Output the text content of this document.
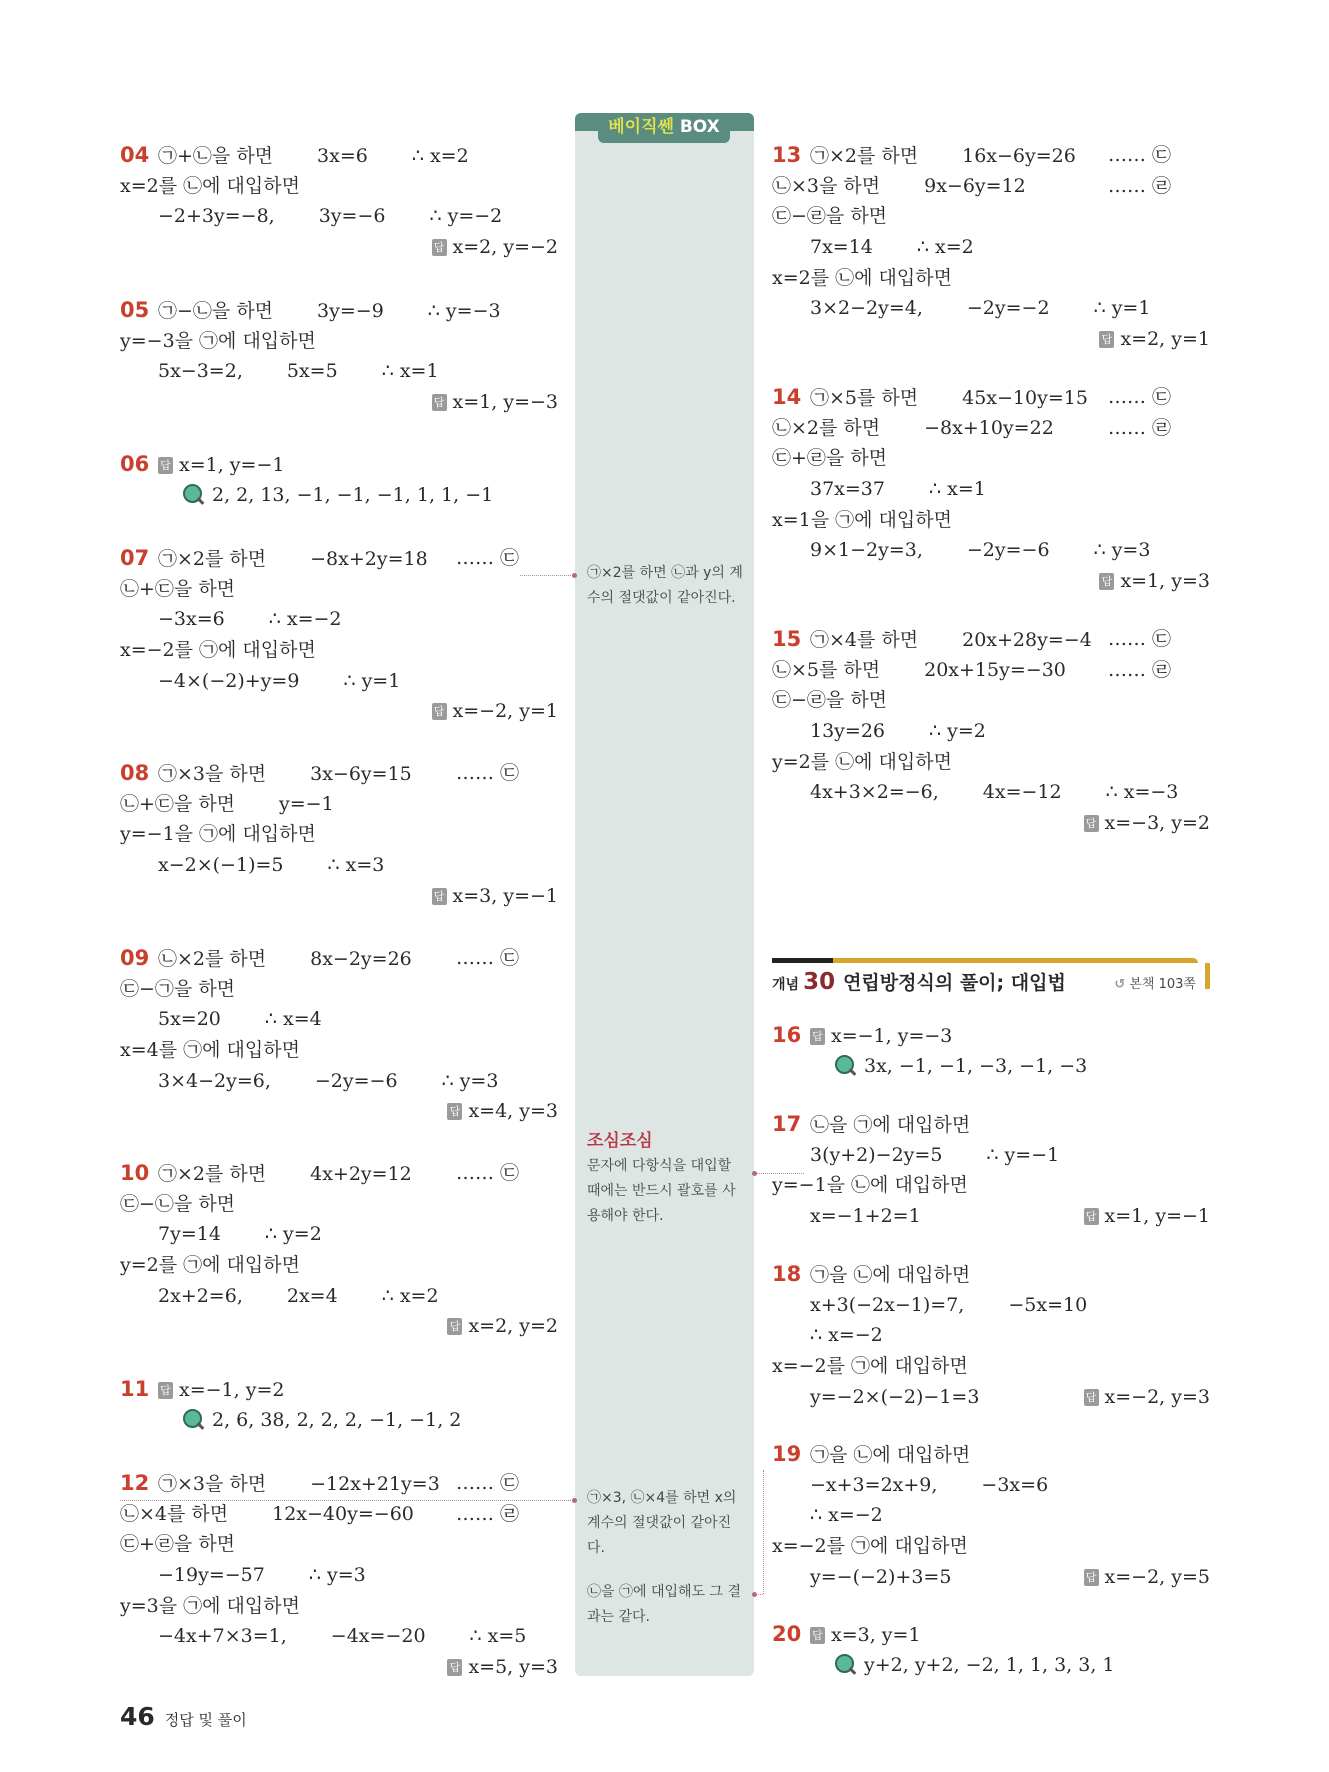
베이직쎈 BOX
㉠×2를 하면 ㉡과 y의 계수의 절댓값이 같아진다.
조심조심
문자에 다항식을 대입할 때에는 반드시 괄호를 사용해야 한다.
㉠×3, ㉡×4를 하면 x의 계수의 절댓값이 같아진다.
㉡을 ㉠에 대입해도 그 결과는 같다.
개념 30 연립방정식의 풀이; 대입법	↺ 본책 103쪽
04 ㉠+㉡을 하면 3x=6 ∴ x=2
x=2를 ㉡에 대입하면
−2+3y=−8, 3y=−6 ∴ y=−2
답 x=2, y=−2
05 ㉠−㉡을 하면 3y=−9 ∴ y=−3
y=−3을 ㉠에 대입하면
5x−3=2, 5x=5 ∴ x=1
답 x=1, y=−3
06 답 x=1, y=−1
2, 2, 13, −1, −1, −1, 1, 1, −1
07 ㉠×2를 하면 −8x+2y=18 …… ㉢
㉡+㉢을 하면
−3x=6 ∴ x=−2
x=−2를 ㉠에 대입하면
−4×(−2)+y=9 ∴ y=1
답 x=−2, y=1
08 ㉠×3을 하면 3x−6y=15 …… ㉢
㉡+㉢을 하면 y=−1
y=−1을 ㉠에 대입하면
x−2×(−1)=5 ∴ x=3
답 x=3, y=−1
09 ㉡×2를 하면 8x−2y=26 …… ㉢
㉢−㉠을 하면
5x=20 ∴ x=4
x=4를 ㉠에 대입하면
3×4−2y=6, −2y=−6 ∴ y=3
답 x=4, y=3
10 ㉠×2를 하면 4x+2y=12 …… ㉢
㉢−㉡을 하면
7y=14 ∴ y=2
y=2를 ㉠에 대입하면
2x+2=6, 2x=4 ∴ x=2
답 x=2, y=2
11 답 x=−1, y=2
2, 6, 38, 2, 2, 2, −1, −1, 2
12 ㉠×3을 하면 −12x+21y=3 …… ㉢
㉡×4를 하면 12x−40y=−60 …… ㉣
㉢+㉣을 하면
−19y=−57 ∴ y=3
y=3을 ㉠에 대입하면
−4x+7×3=1, −4x=−20 ∴ x=5
답 x=5, y=3
13 ㉠×2를 하면 16x−6y=26 …… ㉢
㉡×3을 하면 9x−6y=12	…… ㉣
㉢−㉣을 하면
7x=14 ∴ x=2
x=2를 ㉡에 대입하면
3×2−2y=4, −2y=−2 ∴ y=1
답 x=2, y=1
14 ㉠×5를 하면 45x−10y=15 …… ㉢
㉡×2를 하면 −8x+10y=22	…… ㉣
㉢+㉣을 하면
37x=37 ∴ x=1
x=1을 ㉠에 대입하면
9×1−2y=3, −2y=−6 ∴ y=3
답 x=1, y=3
15 ㉠×4를 하면 20x+28y=−4 …… ㉢
㉡×5를 하면 20x+15y=−30 …… ㉣
㉢−㉣을 하면
13y=26 ∴ y=2
y=2를 ㉡에 대입하면
4x+3×2=−6, 4x=−12 ∴ x=−3
답 x=−3, y=2
16 답 x=−1, y=−3
3x, −1, −1, −3, −1, −3
17 ㉡을 ㉠에 대입하면
3(y+2)−2y=5 ∴ y=−1
y=−1을 ㉡에 대입하면
x=−1+2=1	답 x=1, y=−1
18 ㉠을 ㉡에 대입하면
x+3(−2x−1)=7, −5x=10
∴ x=−2
x=−2를 ㉠에 대입하면
y=−2×(−2)−1=3	답 x=−2, y=3
19 ㉠을 ㉡에 대입하면
−x+3=2x+9, −3x=6
∴ x=−2
x=−2를 ㉠에 대입하면
y=−(−2)+3=5	답 x=−2, y=5
20 답 x=3, y=1
y+2, y+2, −2, 1, 1, 3, 3, 1
46 정답 및 풀이
